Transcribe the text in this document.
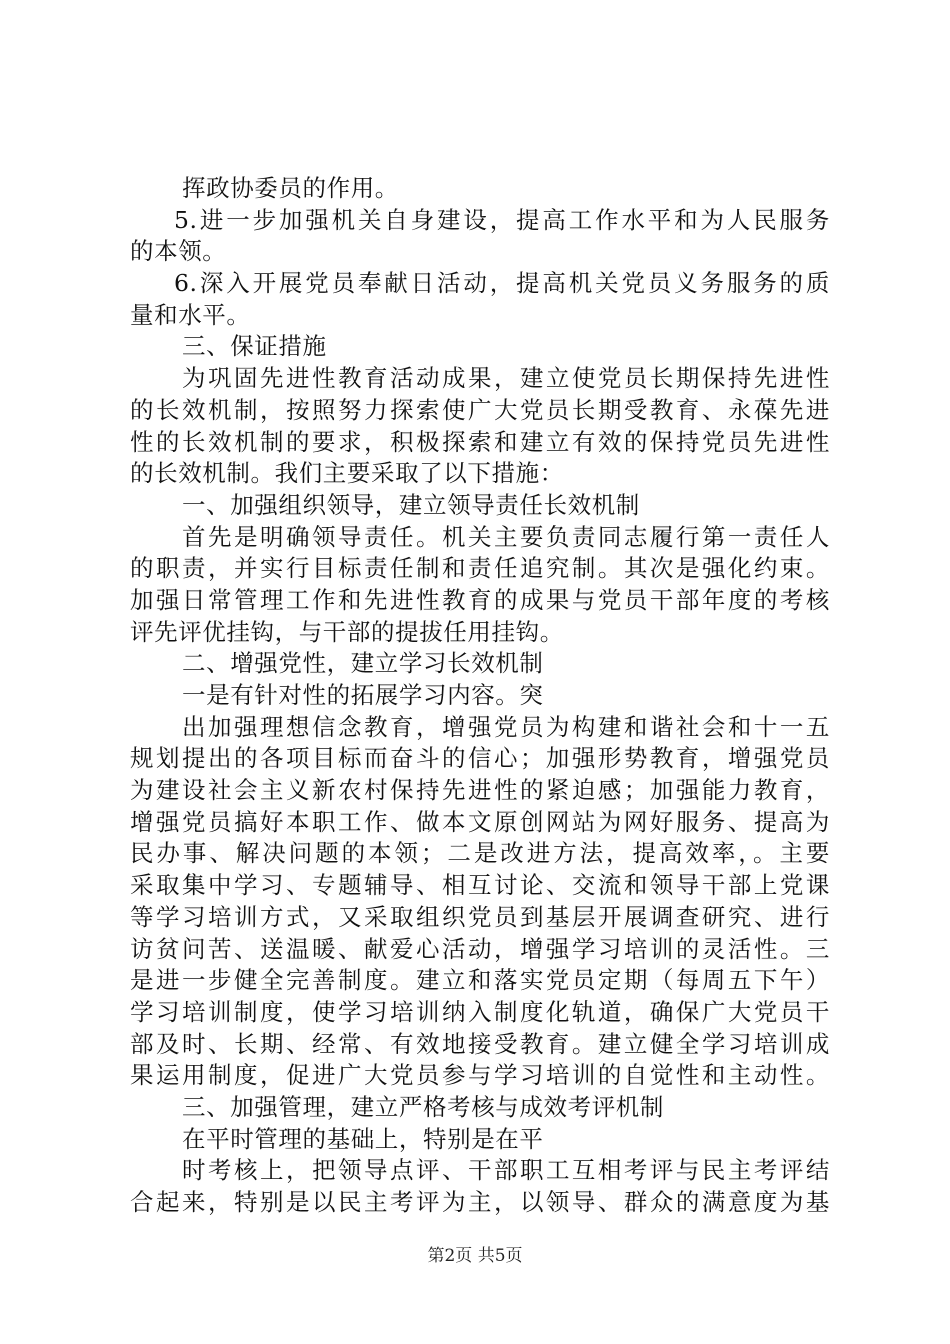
挥政协委员的作用。
5.进一步加强机关自身建设，提高工作水平和为人民服务
的本领。
6.深入开展党员奉献日活动，提高机关党员义务服务的质
量和水平。
三、保证措施
为巩固先进性教育活动成果，建立使党员长期保持先进性
的长效机制，按照努力探索使广大党员长期受教育、永葆先进
性的长效机制的要求，积极探索和建立有效的保持党员先进性
的长效机制。我们主要采取了以下措施：
一、加强组织领导，建立领导责任长效机制
首先是明确领导责任。机关主要负责同志履行第一责任人
的职责，并实行目标责任制和责任追究制。其次是强化约束。
加强日常管理工作和先进性教育的成果与党员干部年度的考核
评先评优挂钩，与干部的提拔任用挂钩。
二、增强党性，建立学习长效机制
一是有针对性的拓展学习内容。突
出加强理想信念教育，增强党员为构建和谐社会和十一五
规划提出的各项目标而奋斗的信心；加强形势教育，增强党员
为建设社会主义新农村保持先进性的紧迫感；加强能力教育，
增强党员搞好本职工作、做本文原创网站为网好服务、提高为
民办事、解决问题的本领；二是改进方法，提高效率，。主要
采取集中学习、专题辅导、相互讨论、交流和领导干部上党课
等学习培训方式，又采取组织党员到基层开展调查研究、进行
访贫问苦、送温暖、献爱心活动，增强学习培训的灵活性。三
是进一步健全完善制度。建立和落实党员定期（每周五下午）
学习培训制度，使学习培训纳入制度化轨道，确保广大党员干
部及时、长期、经常、有效地接受教育。建立健全学习培训成
果运用制度，促进广大党员参与学习培训的自觉性和主动性。
三、加强管理，建立严格考核与成效考评机制
在平时管理的基础上，特别是在平
时考核上，把领导点评、干部职工互相考评与民主考评结
合起来，特别是以民主考评为主，以领导、群众的满意度为基
第2页 共5页
